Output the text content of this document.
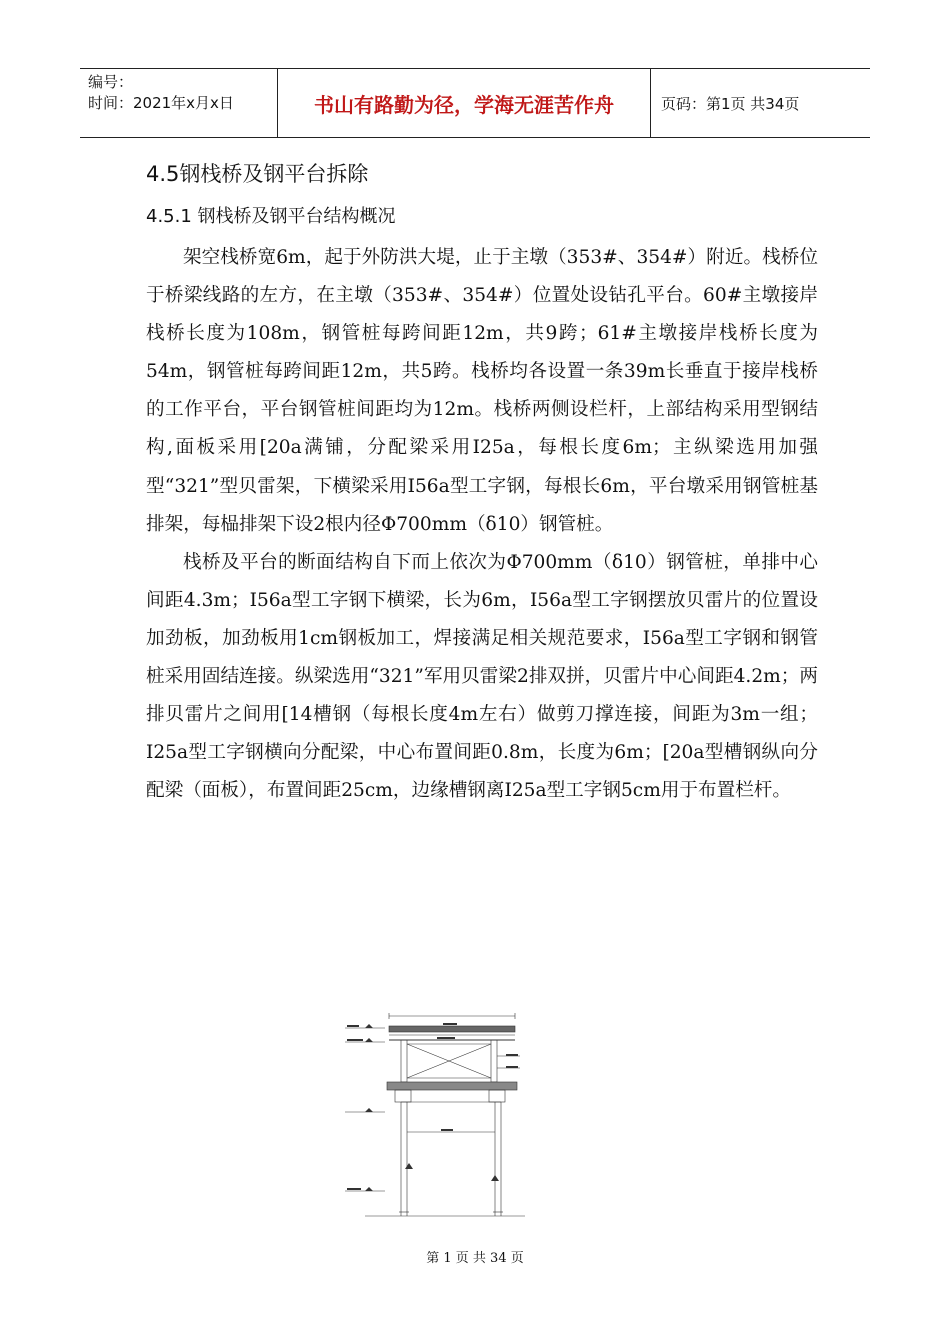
编号：
时间：2021年x月x日	书山有路勤为径，学海无涯苦作舟	页码：第1页 共34页
4.5钢栈桥及钢平台拆除
4.5.1 钢栈桥及钢平台结构概况

架空栈桥宽6m，起于外防洪大堤，止于主墩（353#、354#）附近。栈桥位于桥梁线路的左方，在主墩（353#、354#）位置处设钻孔平台。60#主墩接岸栈桥长度为108m，钢管桩每跨间距12m，共9跨；61#主墩接岸栈桥长度为54m，钢管桩每跨间距12m，共5跨。栈桥均各设置一条39m长垂直于接岸栈桥的工作平台，平台钢管桩间距均为12m。栈桥两侧设栏杆，上部结构采用型钢结构,面板采用[20a满铺，分配梁采用I25a，每根长度6m；主纵梁选用加强型“321”型贝雷架，下横梁采用I56a型工字钢，每根长6m，平台墩采用钢管桩基排架，每榀排架下设2根内径Φ700mm（δ10）钢管桩。

栈桥及平台的断面结构自下而上依次为Φ700mm（δ10）钢管桩，单排中心间距4.3m；I56a型工字钢下横梁，长为6m，I56a型工字钢摆放贝雷片的位置设加劲板，加劲板用1cm钢板加工，焊接满足相关规范要求，I56a型工字钢和钢管桩采用固结连接。纵梁选用“321”军用贝雷梁2排双拼，贝雷片中心间距4.2m；两排贝雷片之间用[14槽钢（每根长度4m左右）做剪刀撑连接，间距为3m一组；I25a型工字钢横向分配梁，中心布置间距0.8m，长度为6m；[20a型槽钢纵向分配梁（面板），布置间距25cm，边缘槽钢离I25a型工字钢5cm用于布置栏杆。

第 1 页 共 34 页
